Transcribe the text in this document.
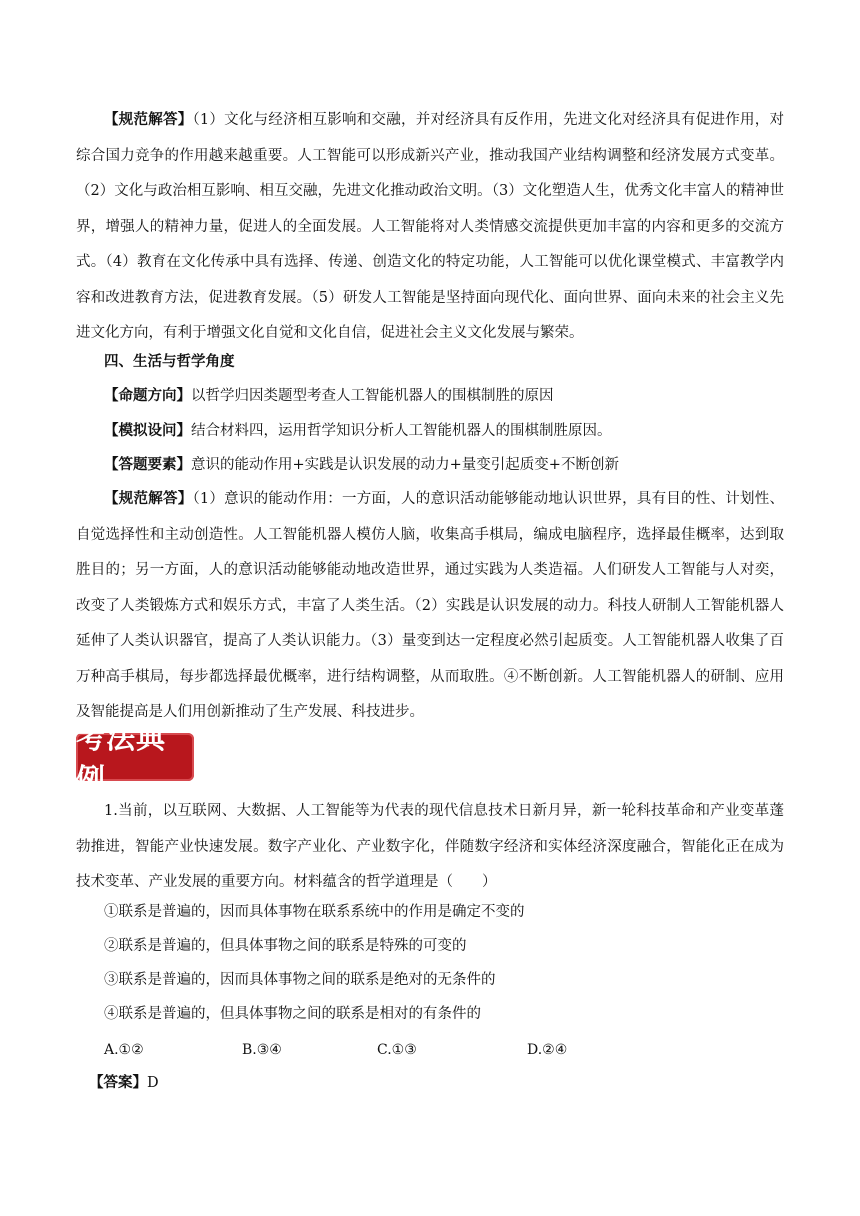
【规范解答】（1）文化与经济相互影响和交融，并对经济具有反作用，先进文化对经济具有促进作用，对综合国力竞争的作用越来越重要。人工智能可以形成新兴产业，推动我国产业结构调整和经济发展方式变革。（2）文化与政治相互影响、相互交融，先进文化推动政治文明。（3）文化塑造人生，优秀文化丰富人的精神世界，增强人的精神力量，促进人的全面发展。人工智能将对人类情感交流提供更加丰富的内容和更多的交流方式。（4）教育在文化传承中具有选择、传递、创造文化的特定功能，人工智能可以优化课堂模式、丰富教学内容和改进教育方法，促进教育发展。（5）研发人工智能是坚持面向现代化、面向世界、面向未来的社会主义先进文化方向，有利于增强文化自觉和文化自信，促进社会主义文化发展与繁荣。

四、生活与哲学角度

【命题方向】以哲学归因类题型考查人工智能机器人的围棋制胜的原因

【模拟设问】结合材料四，运用哲学知识分析人工智能机器人的围棋制胜原因。

【答题要素】意识的能动作用+实践是认识发展的动力+量变引起质变+不断创新

【规范解答】（1）意识的能动作用：一方面，人的意识活动能够能动地认识世界，具有目的性、计划性、自觉选择性和主动创造性。人工智能机器人模仿人脑，收集高手棋局，编成电脑程序，选择最佳概率，达到取胜目的；另一方面，人的意识活动能够能动地改造世界，通过实践为人类造福。人们研发人工智能与人对奕，改变了人类锻炼方式和娱乐方式，丰富了人类生活。（2）实践是认识发展的动力。科技人研制人工智能机器人延伸了人类认识器官，提高了人类认识能力。（3）量变到达一定程度必然引起质变。人工智能机器人收集了百万种高手棋局，每步都选择最优概率，进行结构调整，从而取胜。④不断创新。人工智能机器人的研制、应用及智能提高是人们用创新推动了生产发展、科技进步。

考法典例

1.当前，以互联网、大数据、人工智能等为代表的现代信息技术日新月异，新一轮科技革命和产业变革蓬勃推进，智能产业快速发展。数字产业化、产业数字化，伴随数字经济和实体经济深度融合，智能化正在成为技术变革、产业发展的重要方向。材料蕴含的哲学道理是（　　）

①联系是普遍的，因而具体事物在联系系统中的作用是确定不变的

②联系是普遍的，但具体事物之间的联系是特殊的可变的

③联系是普遍的，因而具体事物之间的联系是绝对的无条件的

④联系是普遍的，但具体事物之间的联系是相对的有条件的

A.①②	B.③④	C.①③	D.②④

【答案】D
